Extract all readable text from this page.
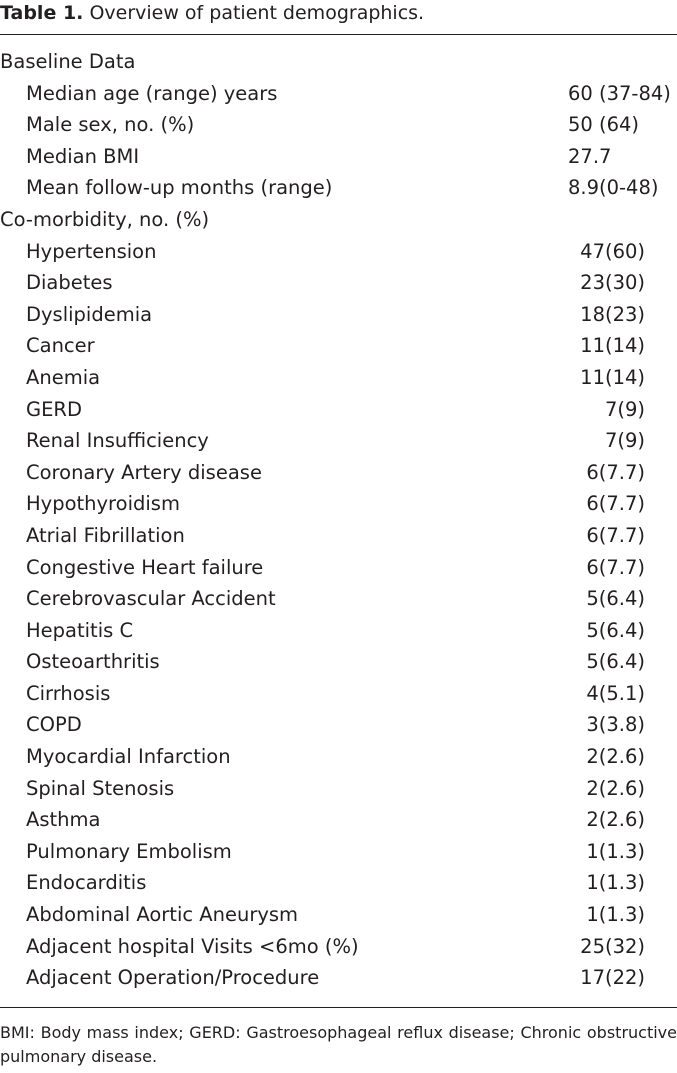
Table 1. Overview of patient demographics.
Baseline Data
Median age (range) years	60 (37-84)
Male sex, no. (%)	50 (64)
Median BMI	27.7
Mean follow-up months (range)	8.9(0-48)
Co-morbidity, no. (%)
Hypertension	47(60)
Diabetes	23(30)
Dyslipidemia	18(23)
Cancer	11(14)
Anemia	11(14)
GERD	7(9)
Renal Insufficiency	7(9)
Coronary Artery disease	6(7.7)
Hypothyroidism	6(7.7)
Atrial Fibrillation	6(7.7)
Congestive Heart failure	6(7.7)
Cerebrovascular Accident	5(6.4)
Hepatitis C	5(6.4)
Osteoarthritis	5(6.4)
Cirrhosis	4(5.1)
COPD	3(3.8)
Myocardial Infarction	2(2.6)
Spinal Stenosis	2(2.6)
Asthma	2(2.6)
Pulmonary Embolism	1(1.3)
Endocarditis	1(1.3)
Abdominal Aortic Aneurysm	1(1.3)
Adjacent hospital Visits <6mo (%)	25(32)
Adjacent Operation/Procedure	17(22)
BMI: Body mass index; GERD: Gastroesophageal reflux disease; Chronic obstructive pulmonary disease.
